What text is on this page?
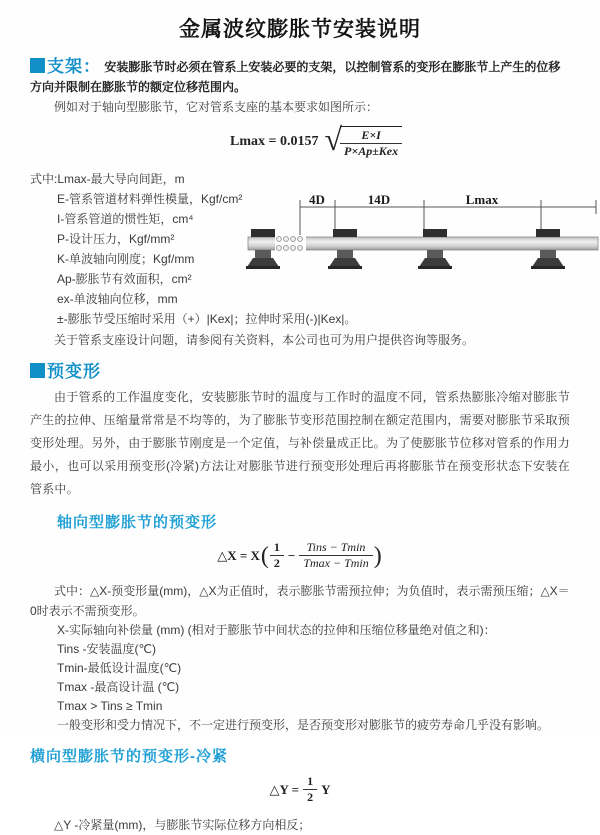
金属波纹膨胀节安装说明

支架： 安装膨胀节时必须在管系上安装必要的支架，以控制管系的变形在膨胀节上产生的位移方向并限制在膨胀节的额定位移范围内。

例如对于轴向型膨胀节，它对管系支座的基本要求如图所示：

Lmax = 0.0157 √
$\frac{E\times I}{\text{P×Ap±Kex}}$
式中:Lmax-最大导向间距，m
E-管系管道材料弹性模量，Kgf/cm²
I-管系管道的惯性矩，cm⁴
P-设计压力，Kgf/mm²
K-单波轴向刚度；Kgf/mm
Ap-膨胀节有效面积，cm²
ex-单波轴向位移，mm
±-膨胀节受压缩时采用（+）|Kex|；拉伸时采用(-)|Kex|。

关于管系支座设计问题，请参阅有关资料，本公司也可为用户提供咨询等服务。

预变形

由于管系的工作温度变化，安装膨胀节时的温度与工作时的温度不同，管系热膨胀冷缩对膨胀节产生的拉伸、压缩量常常是不均等的，为了膨胀节变形范围控制在额定范围内，需要对膨胀节采取预变形处理。另外，由于膨胀节刚度是一个定值，与补偿量成正比。为了使膨胀节位移对管系的作用力最小，也可以采用预变形(冷紧)方法让对膨胀节进行预变形处理后再将膨胀节在预变形状态下安装在管系中。

轴向型膨胀节的预变形
△X = X ( $\frac{1}{2} - \frac{\text{Tins − Tmin}}{Tmax - Tmin}$ )

式中：△X-预变形量(mm)，△X为正值时，表示膨胀节需预拉伸；为负值时，表示需预压缩；△X＝0时表示不需预变形。

X-实际轴向补偿量 (mm) (相对于膨胀节中间状态的拉伸和压缩位移量绝对值之和)：
Tins -安装温度(℃)
Tmin-最低设计温度(℃)
Tmax -最高设计温 (℃)
Tmax > Tins ≥ Tmin
一般变形和受力情况下，不一定进行预变形，是否预变形对膨胀节的疲劳寿命几乎没有影响。
横向型膨胀节的预变形-冷紧
△Y = $\frac{1}{2}$ Y

△Y -冷紧量(mm)，与膨胀节实际位移方向相反；

4D	14D	Lmax
